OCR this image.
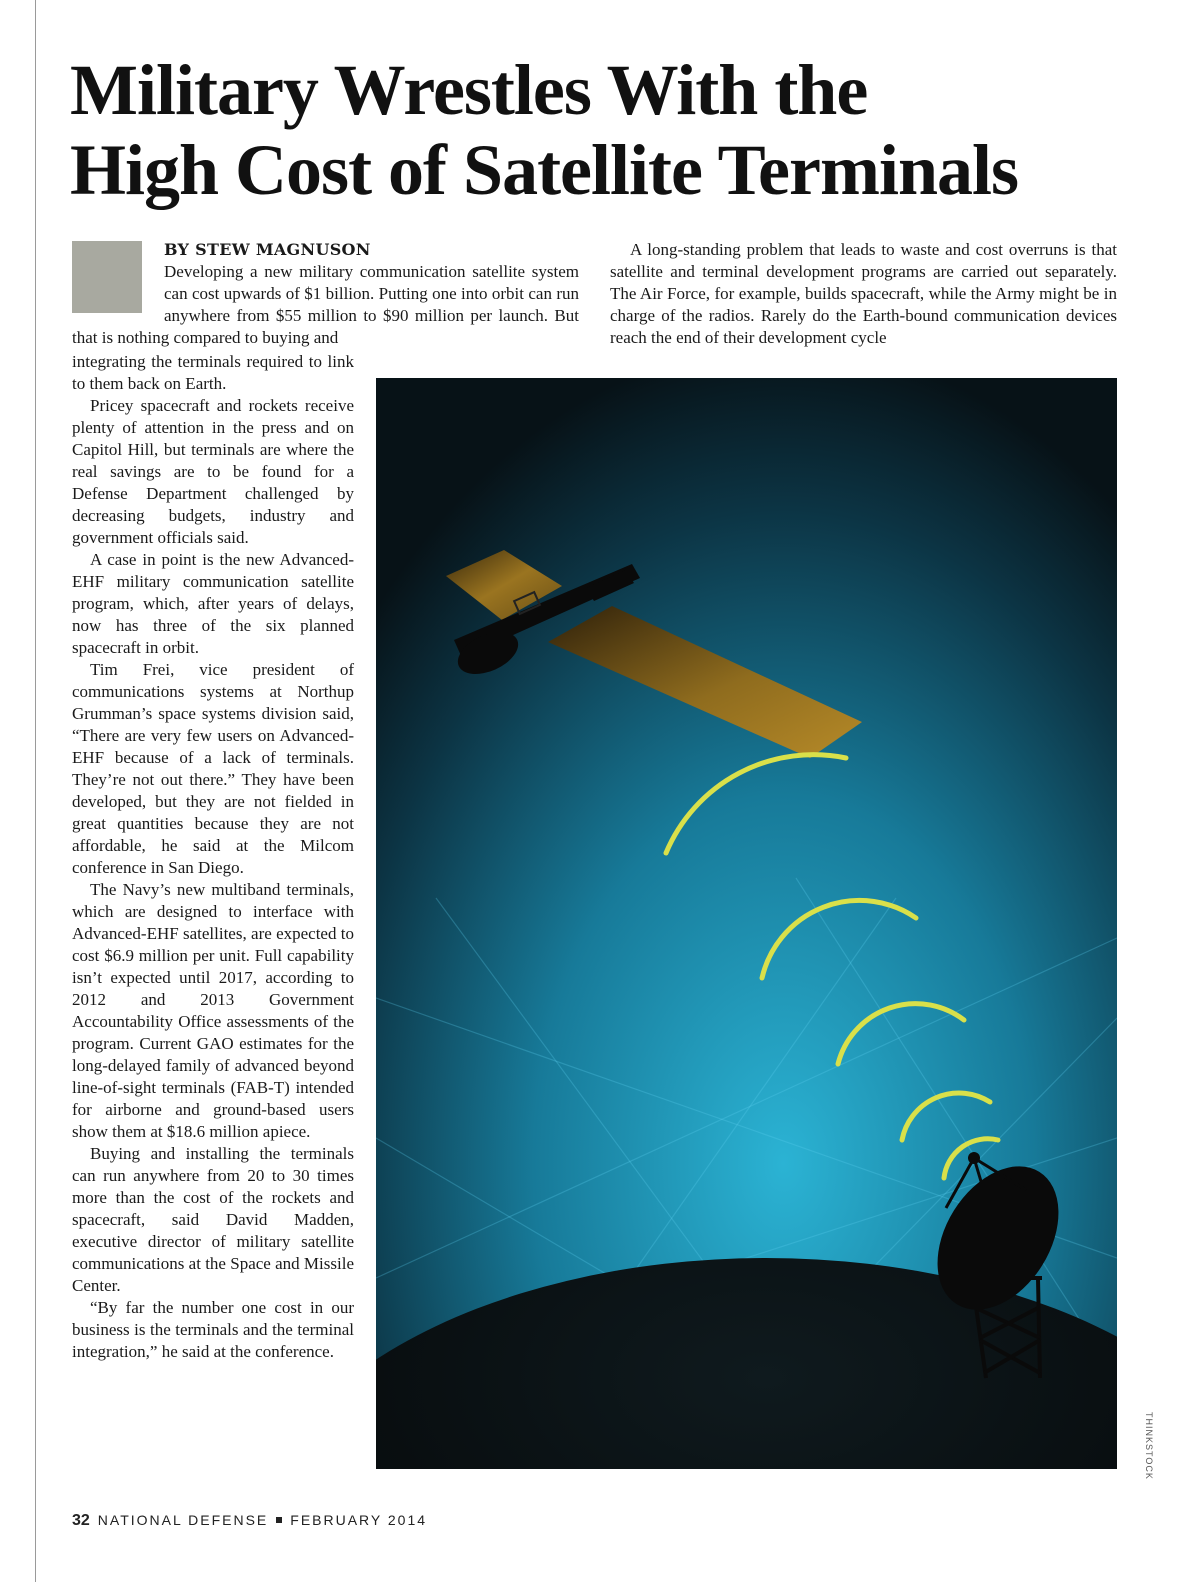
Military Wrestles With the
High Cost of Satellite Terminals

BY STEW MAGNUSON

Developing a new military communication satellite system can cost upwards of $1 billion. Putting one into orbit can run anywhere from $55 million to $90 million per launch. But that is nothing compared to buying and

integrating the terminals required to link to them back on Earth.

Pricey spacecraft and rockets receive plenty of attention in the press and on Capitol Hill, but terminals are where the real savings are to be found for a Defense Department challenged by decreasing budgets, industry and government officials said.

A case in point is the new Advanced-EHF military communication satellite program, which, after years of delays, now has three of the six planned spacecraft in orbit.

Tim Frei, vice president of communications systems at Northup Grumman’s space systems division said, “There are very few users on Advanced-EHF because of a lack of terminals. They’re not out there.” They have been developed, but they are not fielded in great quantities because they are not affordable, he said at the Milcom conference in San Diego.

The Navy’s new multiband terminals, which are designed to interface with Advanced-EHF satellites, are expected to cost $6.9 million per unit. Full capability isn’t expected until 2017, according to 2012 and 2013 Government Accountability Office assessments of the program. Current GAO estimates for the long-delayed family of advanced beyond line-of-sight terminals (FAB-T) intended for airborne and ground-based users show them at $18.6 million apiece.

Buying and installing the terminals can run anywhere from 20 to 30 times more than the cost of the rockets and spacecraft, said David Madden, executive director of military satellite communications at the Space and Missile Center.

“By far the number one cost in our business is the terminals and the terminal integration,” he said at the conference.

A long-standing problem that leads to waste and cost overruns is that satellite and terminal development programs are carried out separately. The Air Force, for example, builds spacecraft, while the Army might be in charge of the radios. Rarely do the Earth-bound communication devices reach the end of their development cycle

THINKSTOCK
32 NATIONAL DEFENSE FEBRUARY 2014
